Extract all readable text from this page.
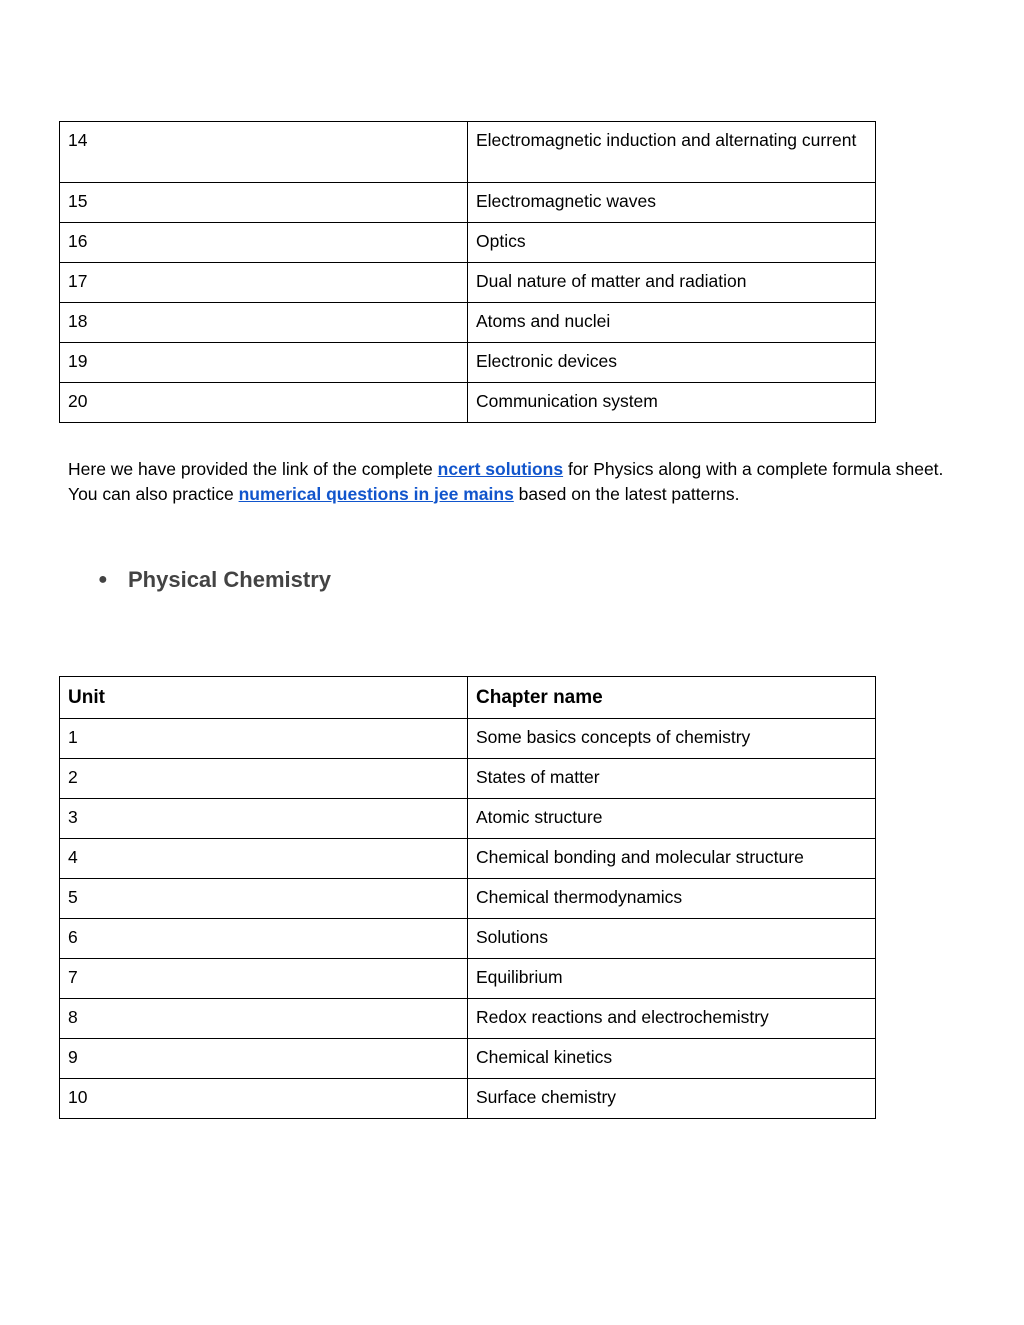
14	Electromagnetic induction and alternating current
15	Electromagnetic waves
16	Optics
17	Dual nature of matter and radiation
18	Atoms and nuclei
19	Electronic devices
20	Communication system

Here we have provided the link of the complete ncert solutions for Physics along with a complete formula sheet. You can also practice numerical questions in jee mains based on the latest patterns.

● Physical Chemistry
Unit	Chapter name
1	Some basics concepts of chemistry
2	States of matter
3	Atomic structure
4	Chemical bonding and molecular structure
5	Chemical thermodynamics
6	Solutions
7	Equilibrium
8	Redox reactions and electrochemistry
9	Chemical kinetics
10	Surface chemistry
